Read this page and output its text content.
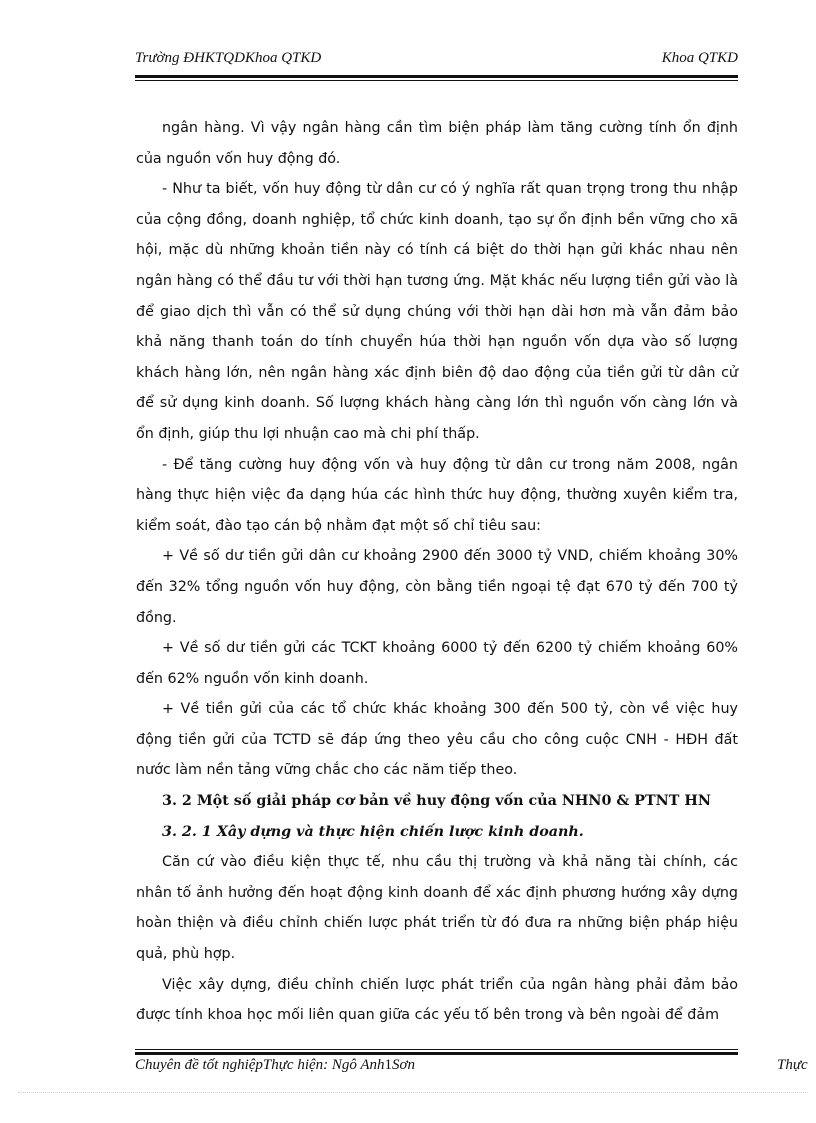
Trường ĐHKTQDKhoa QTKD	Khoa QTKD

ngân hàng. Vì vậy ngân hàng cần tìm biện pháp làm tăng cường tính ổn định của nguồn vốn huy động đó.

- Như ta biết, vốn huy động từ dân cư có ý nghĩa rất quan trọng trong thu nhập của cộng đồng, doanh nghiệp, tổ chức kinh doanh, tạo sự ổn định bền vững cho xã hội, mặc dù những khoản tiền này có tính cá biệt do thời hạn gửi khác nhau nên ngân hàng có thể đầu tư với thời hạn tương ứng. Mặt khác nếu lượng tiền gửi vào là để giao dịch thì vẫn có thể sử dụng chúng với thời hạn dài hơn mà vẫn đảm bảo khả năng thanh toán do tính chuyển húa thời hạn nguồn vốn dựa vào số lượng khách hàng lớn, nên ngân hàng xác định biên độ dao động của tiền gửi từ dân cử để sử dụng kinh doanh. Số lượng khách hàng càng lớn thì nguồn vốn càng lớn và ổn định, giúp thu lợi nhuận cao mà chi phí thấp.

- Để tăng cường huy động vốn và huy động từ dân cư trong năm 2008, ngân hàng thực hiện việc đa dạng húa các hình thức huy động, thường xuyên kiểm tra, kiểm soát, đào tạo cán bộ nhằm đạt một số chỉ tiêu sau:

+ Về số dư tiền gửi dân cư khoảng 2900 đến 3000 tỷ VND, chiếm khoảng 30% đến 32% tổng nguồn vốn huy động, còn bằng tiền ngoại tệ đạt 670 tỷ đến 700 tỷ đồng.

+ Về số dư tiền gửi các TCKT khoảng 6000 tỷ đến 6200 tỷ chiếm khoảng 60% đến 62% nguồn vốn kinh doanh.

+ Về tiền gửi của các tổ chức khác khoảng 300 đến 500 tỷ, còn về việc huy động tiền gửi của TCTD sẽ đáp ứng theo yêu cầu cho công cuộc CNH - HĐH đất nước làm nền tảng vững chắc cho các năm tiếp theo.

3. 2 Một số giải pháp cơ bản về huy động vốn của NHN0 & PTNT HN

3. 2. 1 Xây dựng và thực hiện chiến lược kinh doanh.

Căn cứ vào điều kiện thực tế, nhu cầu thị trường và khả năng tài chính, các nhân tố ảnh hưởng đến hoạt động kinh doanh để xác định phương hướng xây dựng hoàn thiện và điều chỉnh chiến lược phát triển từ đó đưa ra những biện pháp hiệu quả, phù hợp.

Việc xây dựng, điều chỉnh chiến lược phát triển của ngân hàng phải đảm bảo được tính khoa học mối liên quan giữa các yếu tố bên trong và bên ngoài để đảm

Chuyên đề tốt nghiệpThực hiện: Ngô Anh1Sơn	Thực
